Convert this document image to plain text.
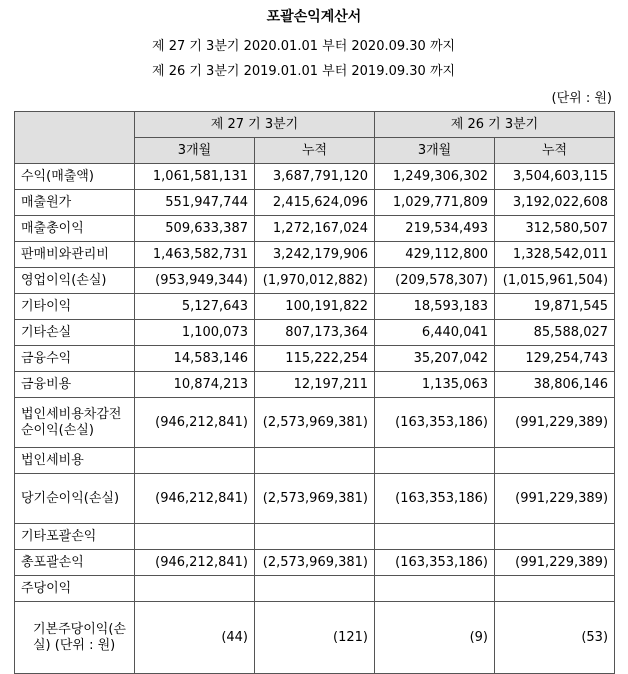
포괄손익계산서
제 27 기 3분기 2020.01.01 부터 2020.09.30 까지
제 26 기 3분기 2019.01.01 부터 2019.09.30 까지
(단위 : 원)
	제 27 기 3분기		제 26 기 3분기	
	3개월	누적	3개월	누적
수익(매출액)	1,061,581,131	3,687,791,120	1,249,306,302	3,504,603,115
매출원가	551,947,744	2,415,624,096	1,029,771,809	3,192,022,608
매출총이익	509,633,387	1,272,167,024	219,534,493	312,580,507
판매비와관리비	1,463,582,731	3,242,179,906	429,112,800	1,328,542,011
영업이익(손실)	(953,949,344)	(1,970,012,882)	(209,578,307)	(1,015,961,504)
기타이익	5,127,643	100,191,822	18,593,183	19,871,545
기타손실	1,100,073	807,173,364	6,440,041	85,588,027
금융수익	14,583,146	115,222,254	35,207,042	129,254,743
금융비용	10,874,213	12,197,211	1,135,063	38,806,146
법인세비용차감전순이익(손실)	(946,212,841)	(2,573,969,381)	(163,353,186)	(991,229,389)
법인세비용				
당기순이익(손실)	(946,212,841)	(2,573,969,381)	(163,353,186)	(991,229,389)
기타포괄손익				
총포괄손익	(946,212,841)	(2,573,969,381)	(163,353,186)	(991,229,389)
주당이익				
기본주당이익(손실) (단위 : 원)	(44)	(121)	(9)	(53)
